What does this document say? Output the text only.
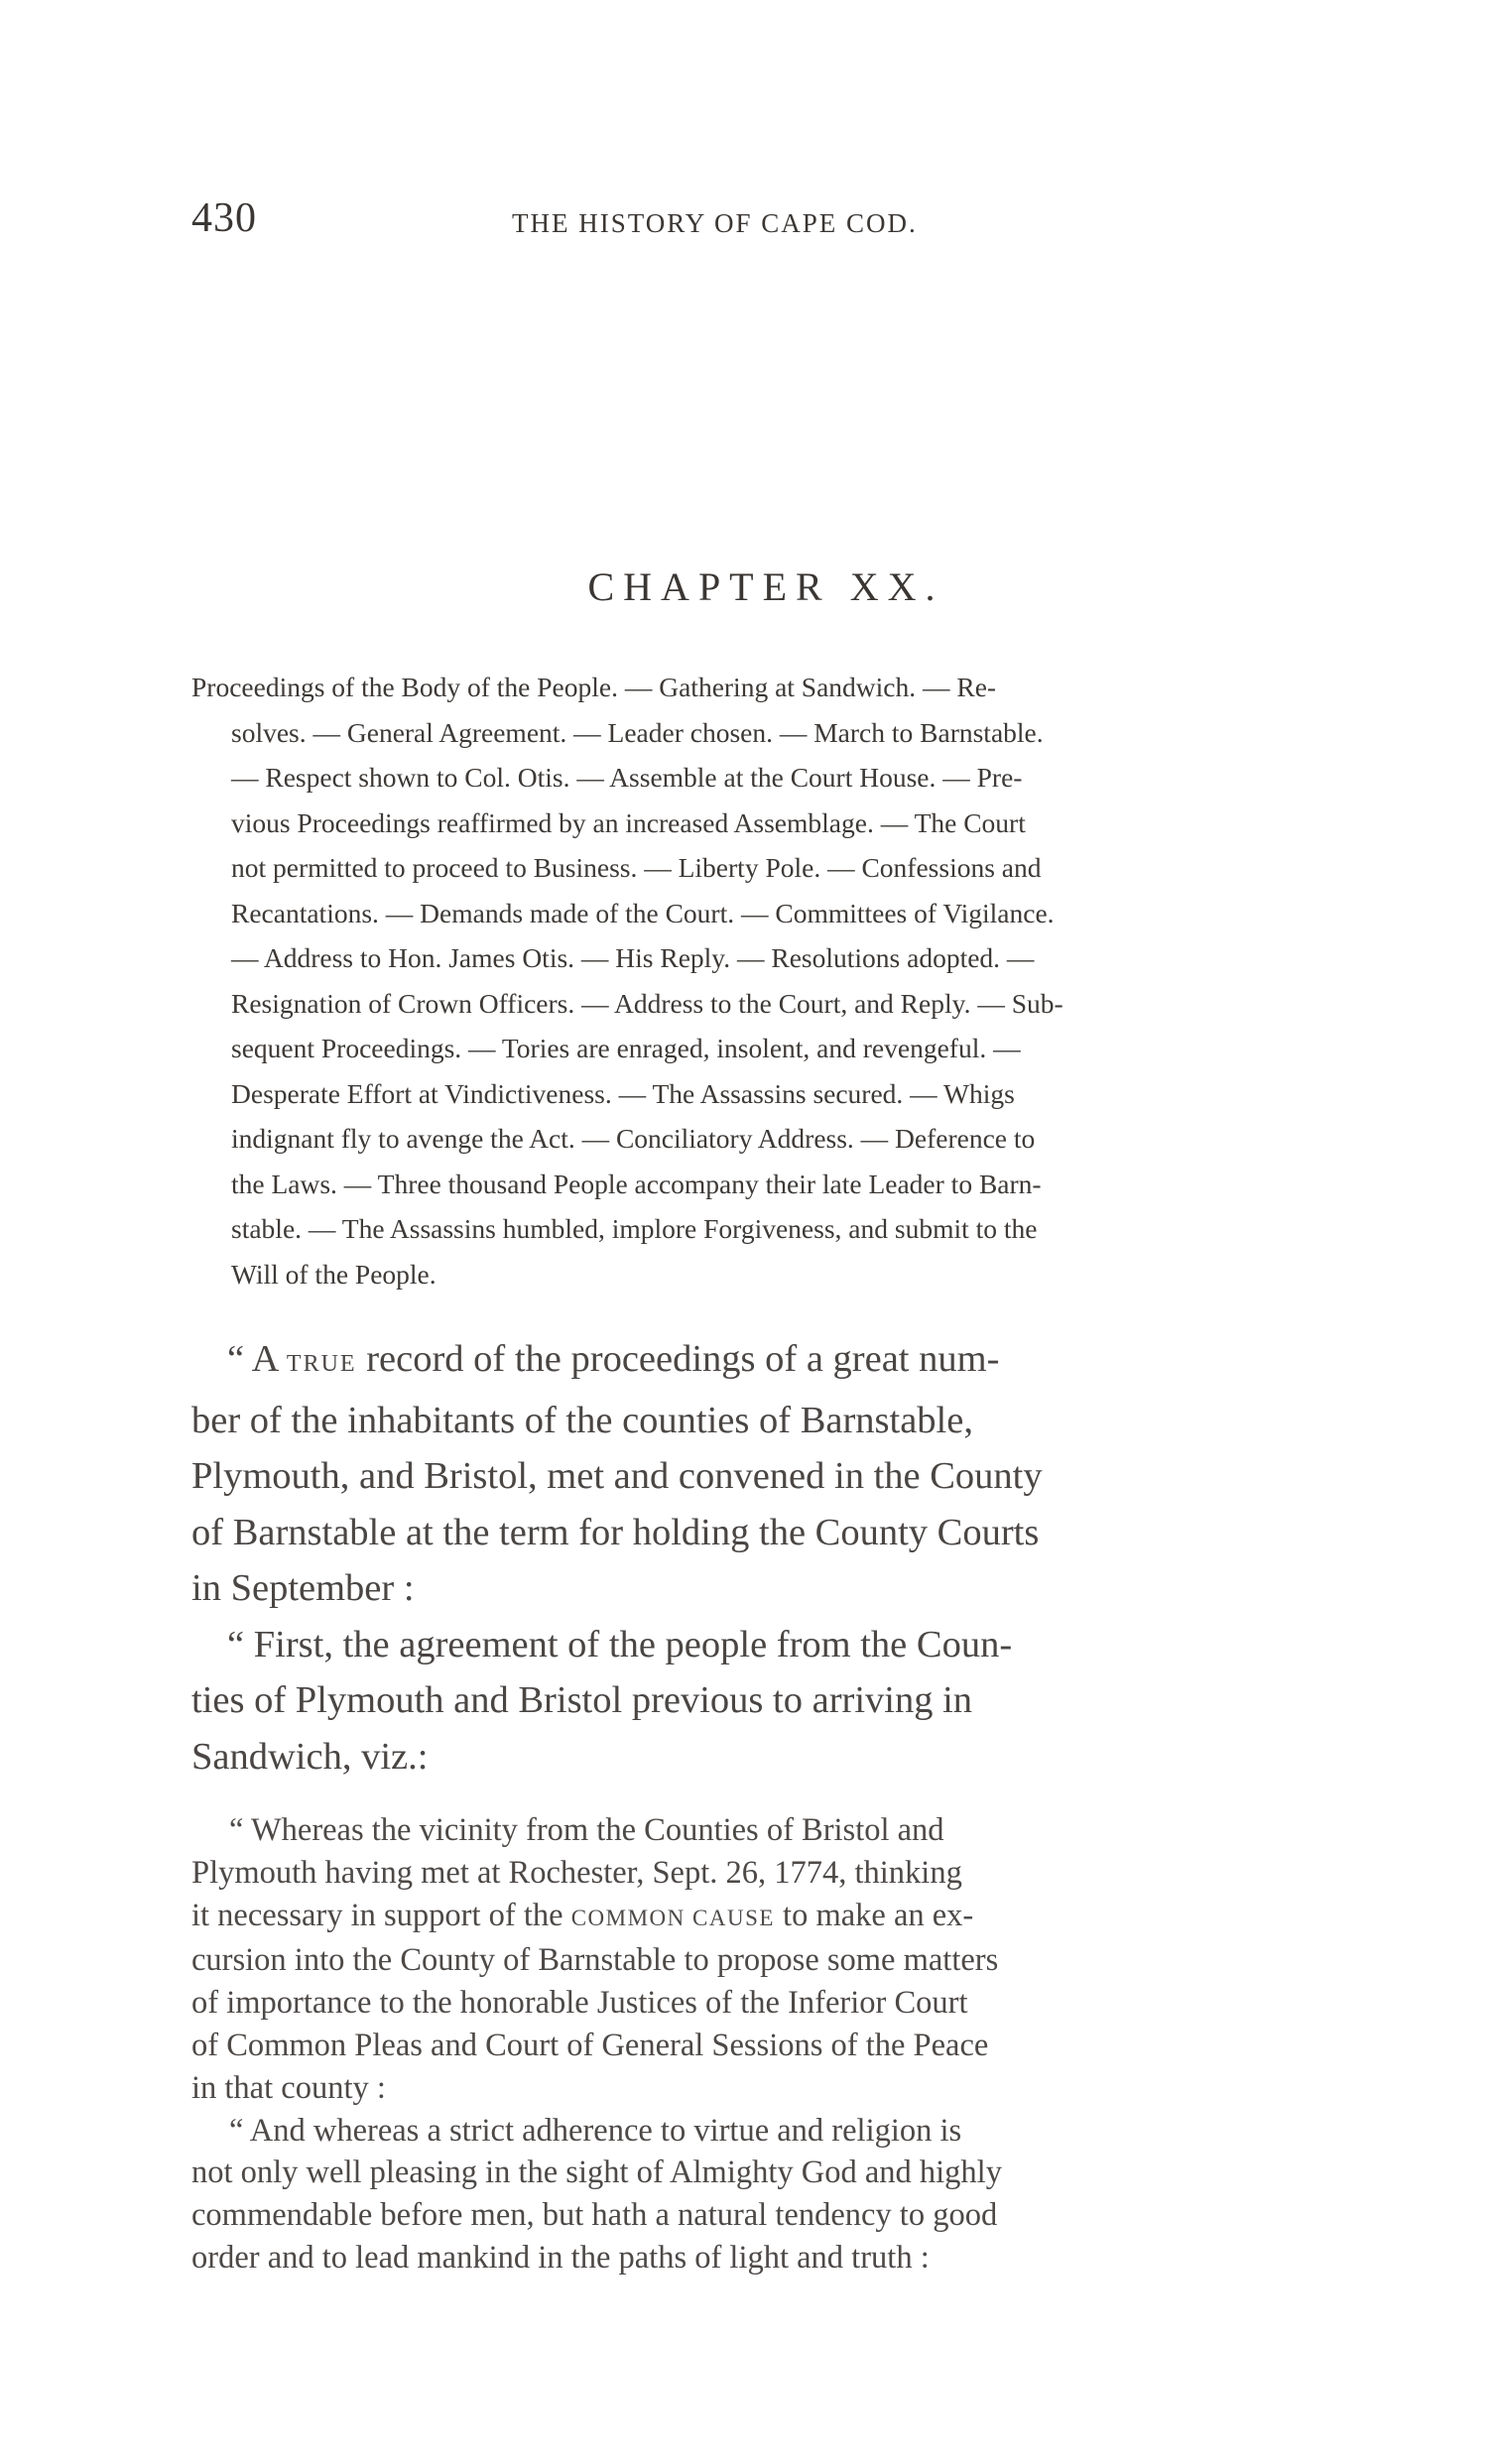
430	THE HISTORY OF CAPE COD.
CHAPTER XX.
Proceedings of the Body of the People. — Gathering at Sandwich. — Re-
solves. — General Agreement. — Leader chosen. — March to Barnstable.
— Respect shown to Col. Otis. — Assemble at the Court House. — Pre-
vious Proceedings reaffirmed by an increased Assemblage. — The Court
not permitted to proceed to Business. — Liberty Pole. — Confessions and
Recantations. — Demands made of the Court. — Committees of Vigilance.
— Address to Hon. James Otis. — His Reply. — Resolutions adopted. —
Resignation of Crown Officers. — Address to the Court, and Reply. — Sub-
sequent Proceedings. — Tories are enraged, insolent, and revengeful. —
Desperate Effort at Vindictiveness. — The Assassins secured. — Whigs
indignant fly to avenge the Act. — Conciliatory Address. — Deference to
the Laws. — Three thousand People accompany their late Leader to Barn-
stable. — The Assassins humbled, implore Forgiveness, and submit to the
Will of the People.
“ A TRUE record of the proceedings of a great num-
ber of the inhabitants of the counties of Barnstable,
Plymouth, and Bristol, met and convened in the County
of Barnstable at the term for holding the County Courts
in September :
“ First, the agreement of the people from the Coun-
ties of Plymouth and Bristol previous to arriving in
Sandwich, viz.:
“ Whereas the vicinity from the Counties of Bristol and
Plymouth having met at Rochester, Sept. 26, 1774, thinking
it necessary in support of the COMMON CAUSE to make an ex-
cursion into the County of Barnstable to propose some matters
of importance to the honorable Justices of the Inferior Court
of Common Pleas and Court of General Sessions of the Peace
in that county :
“ And whereas a strict adherence to virtue and religion is
not only well pleasing in the sight of Almighty God and highly
commendable before men, but hath a natural tendency to good
order and to lead mankind in the paths of light and truth :
